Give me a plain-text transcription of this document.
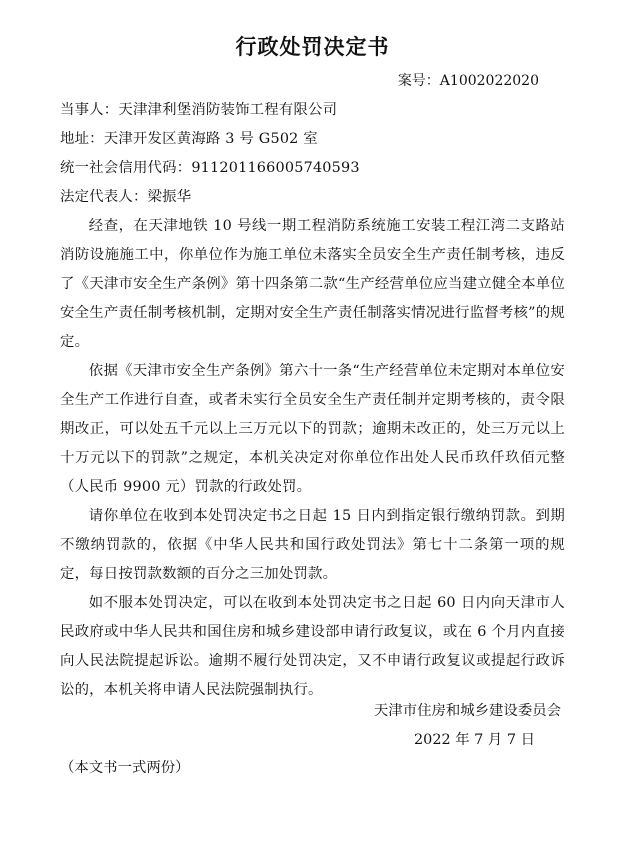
行政处罚决定书
案号：A1002022020

当事人：天津津利堡消防装饰工程有限公司

地址：天津开发区黄海路 3 号 G502 室

统一社会信用代码：911201166005740593

法定代表人：梁振华

经查，在天津地铁 10 号线一期工程消防系统施工安装工程江湾二支路站消防设施施工中，你单位作为施工单位未落实全员安全生产责任制考核，违反了《天津市安全生产条例》第十四条第二款“生产经营单位应当建立健全本单位安全生产责任制考核机制，定期对安全生产责任制落实情况进行监督考核”的规定。

依据《天津市安全生产条例》第六十一条“生产经营单位未定期对本单位安全生产工作进行自查，或者未实行全员安全生产责任制并定期考核的，责令限期改正，可以处五千元以上三万元以下的罚款；逾期未改正的，处三万元以上十万元以下的罚款”之规定，本机关决定对你单位作出处人民币玖仟玖佰元整（人民币 9900 元）罚款的行政处罚。

请你单位在收到本处罚决定书之日起 15 日内到指定银行缴纳罚款。到期不缴纳罚款的，依据《中华人民共和国行政处罚法》第七十二条第一项的规定，每日按罚款数额的百分之三加处罚款。

如不服本处罚决定，可以在收到本处罚决定书之日起 60 日内向天津市人民政府或中华人民共和国住房和城乡建设部申请行政复议，或在 6 个月内直接向人民法院提起诉讼。逾期不履行处罚决定，又不申请行政复议或提起行政诉讼的，本机关将申请人民法院强制执行。

天津市住房和城乡建设委员会
2022 年 7 月 7 日
（本文书一式两份）
